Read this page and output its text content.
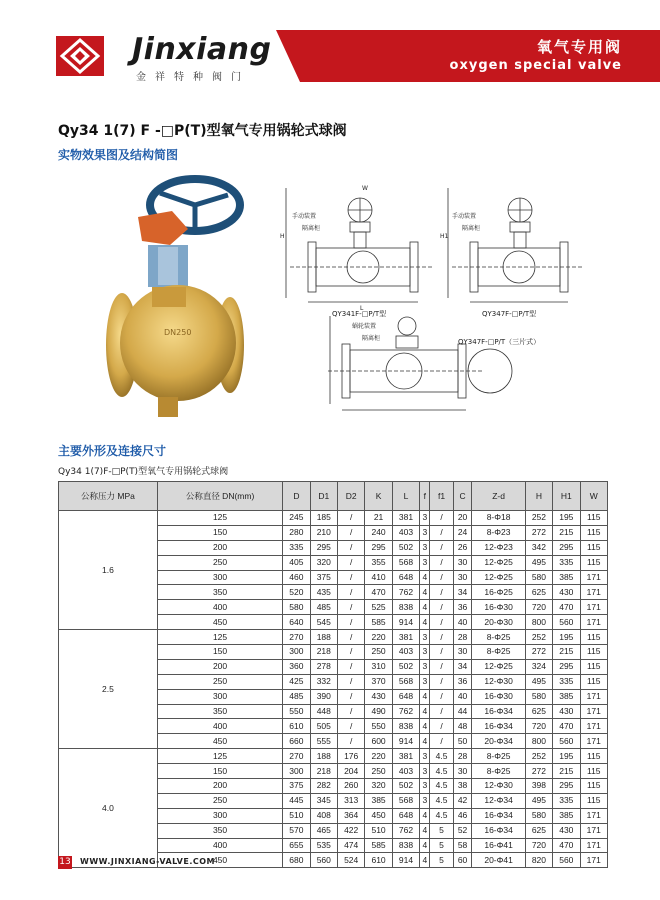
Jinxiang
金祥特种阀门
氧气专用阀
oxygen special valve
Qy34 1(7) F -□P(T)型氧气专用锅轮式球阀
实物效果图及结构简图
DN250
QY341F-□P/T型	QY347F-□P/T型
QY347F-□P/T（三片式）
手动装置
隔离柜
手动装置
隔离柜
蜗轮装置
隔离柜
H	H1
W
L
主要外形及连接尺寸
Qy34 1(7)F-□P(T)型氧气专用锅轮式球阀
公称压力 MPa	公称直径 DN(mm)	D	D1	D2	K	L	f	f1	C	Z-d	H	H1	W
1.6	125	245	185	/	21	381	3	/	20	8-Φ18	252	195	115
	150	280	210	/	240	403	3	/	24	8-Φ23	272	215	115
	200	335	295	/	295	502	3	/	26	12-Φ23	342	295	115
	250	405	320	/	355	568	3	/	30	12-Φ25	495	335	115
	300	460	375	/	410	648	4	/	30	12-Φ25	580	385	171
	350	520	435	/	470	762	4	/	34	16-Φ25	625	430	171
	400	580	485	/	525	838	4	/	36	16-Φ30	720	470	171
	450	640	545	/	585	914	4	/	40	20-Φ30	800	560	171
2.5	125	270	188	/	220	381	3	/	28	8-Φ25	252	195	115
	150	300	218	/	250	403	3	/	30	8-Φ25	272	215	115
	200	360	278	/	310	502	3	/	34	12-Φ25	324	295	115
	250	425	332	/	370	568	3	/	36	12-Φ30	495	335	115
	300	485	390	/	430	648	4	/	40	16-Φ30	580	385	171
	350	550	448	/	490	762	4	/	44	16-Φ34	625	430	171
	400	610	505	/	550	838	4	/	48	16-Φ34	720	470	171
	450	660	555	/	600	914	4	/	50	20-Φ34	800	560	171
4.0	125	270	188	176	220	381	3	4.5	28	8-Φ25	252	195	115
	150	300	218	204	250	403	3	4.5	30	8-Φ25	272	215	115
	200	375	282	260	320	502	3	4.5	38	12-Φ30	398	295	115
	250	445	345	313	385	568	3	4.5	42	12-Φ34	495	335	115
	300	510	408	364	450	648	4	4.5	46	16-Φ34	580	385	171
	350	570	465	422	510	762	4	5	52	16-Φ34	625	430	171
	400	655	535	474	585	838	4	5	58	16-Φ41	720	470	171
	450	680	560	524	610	914	4	5	60	20-Φ41	820	560	171
13 WWW.JINXIANG-VALVE.COM
